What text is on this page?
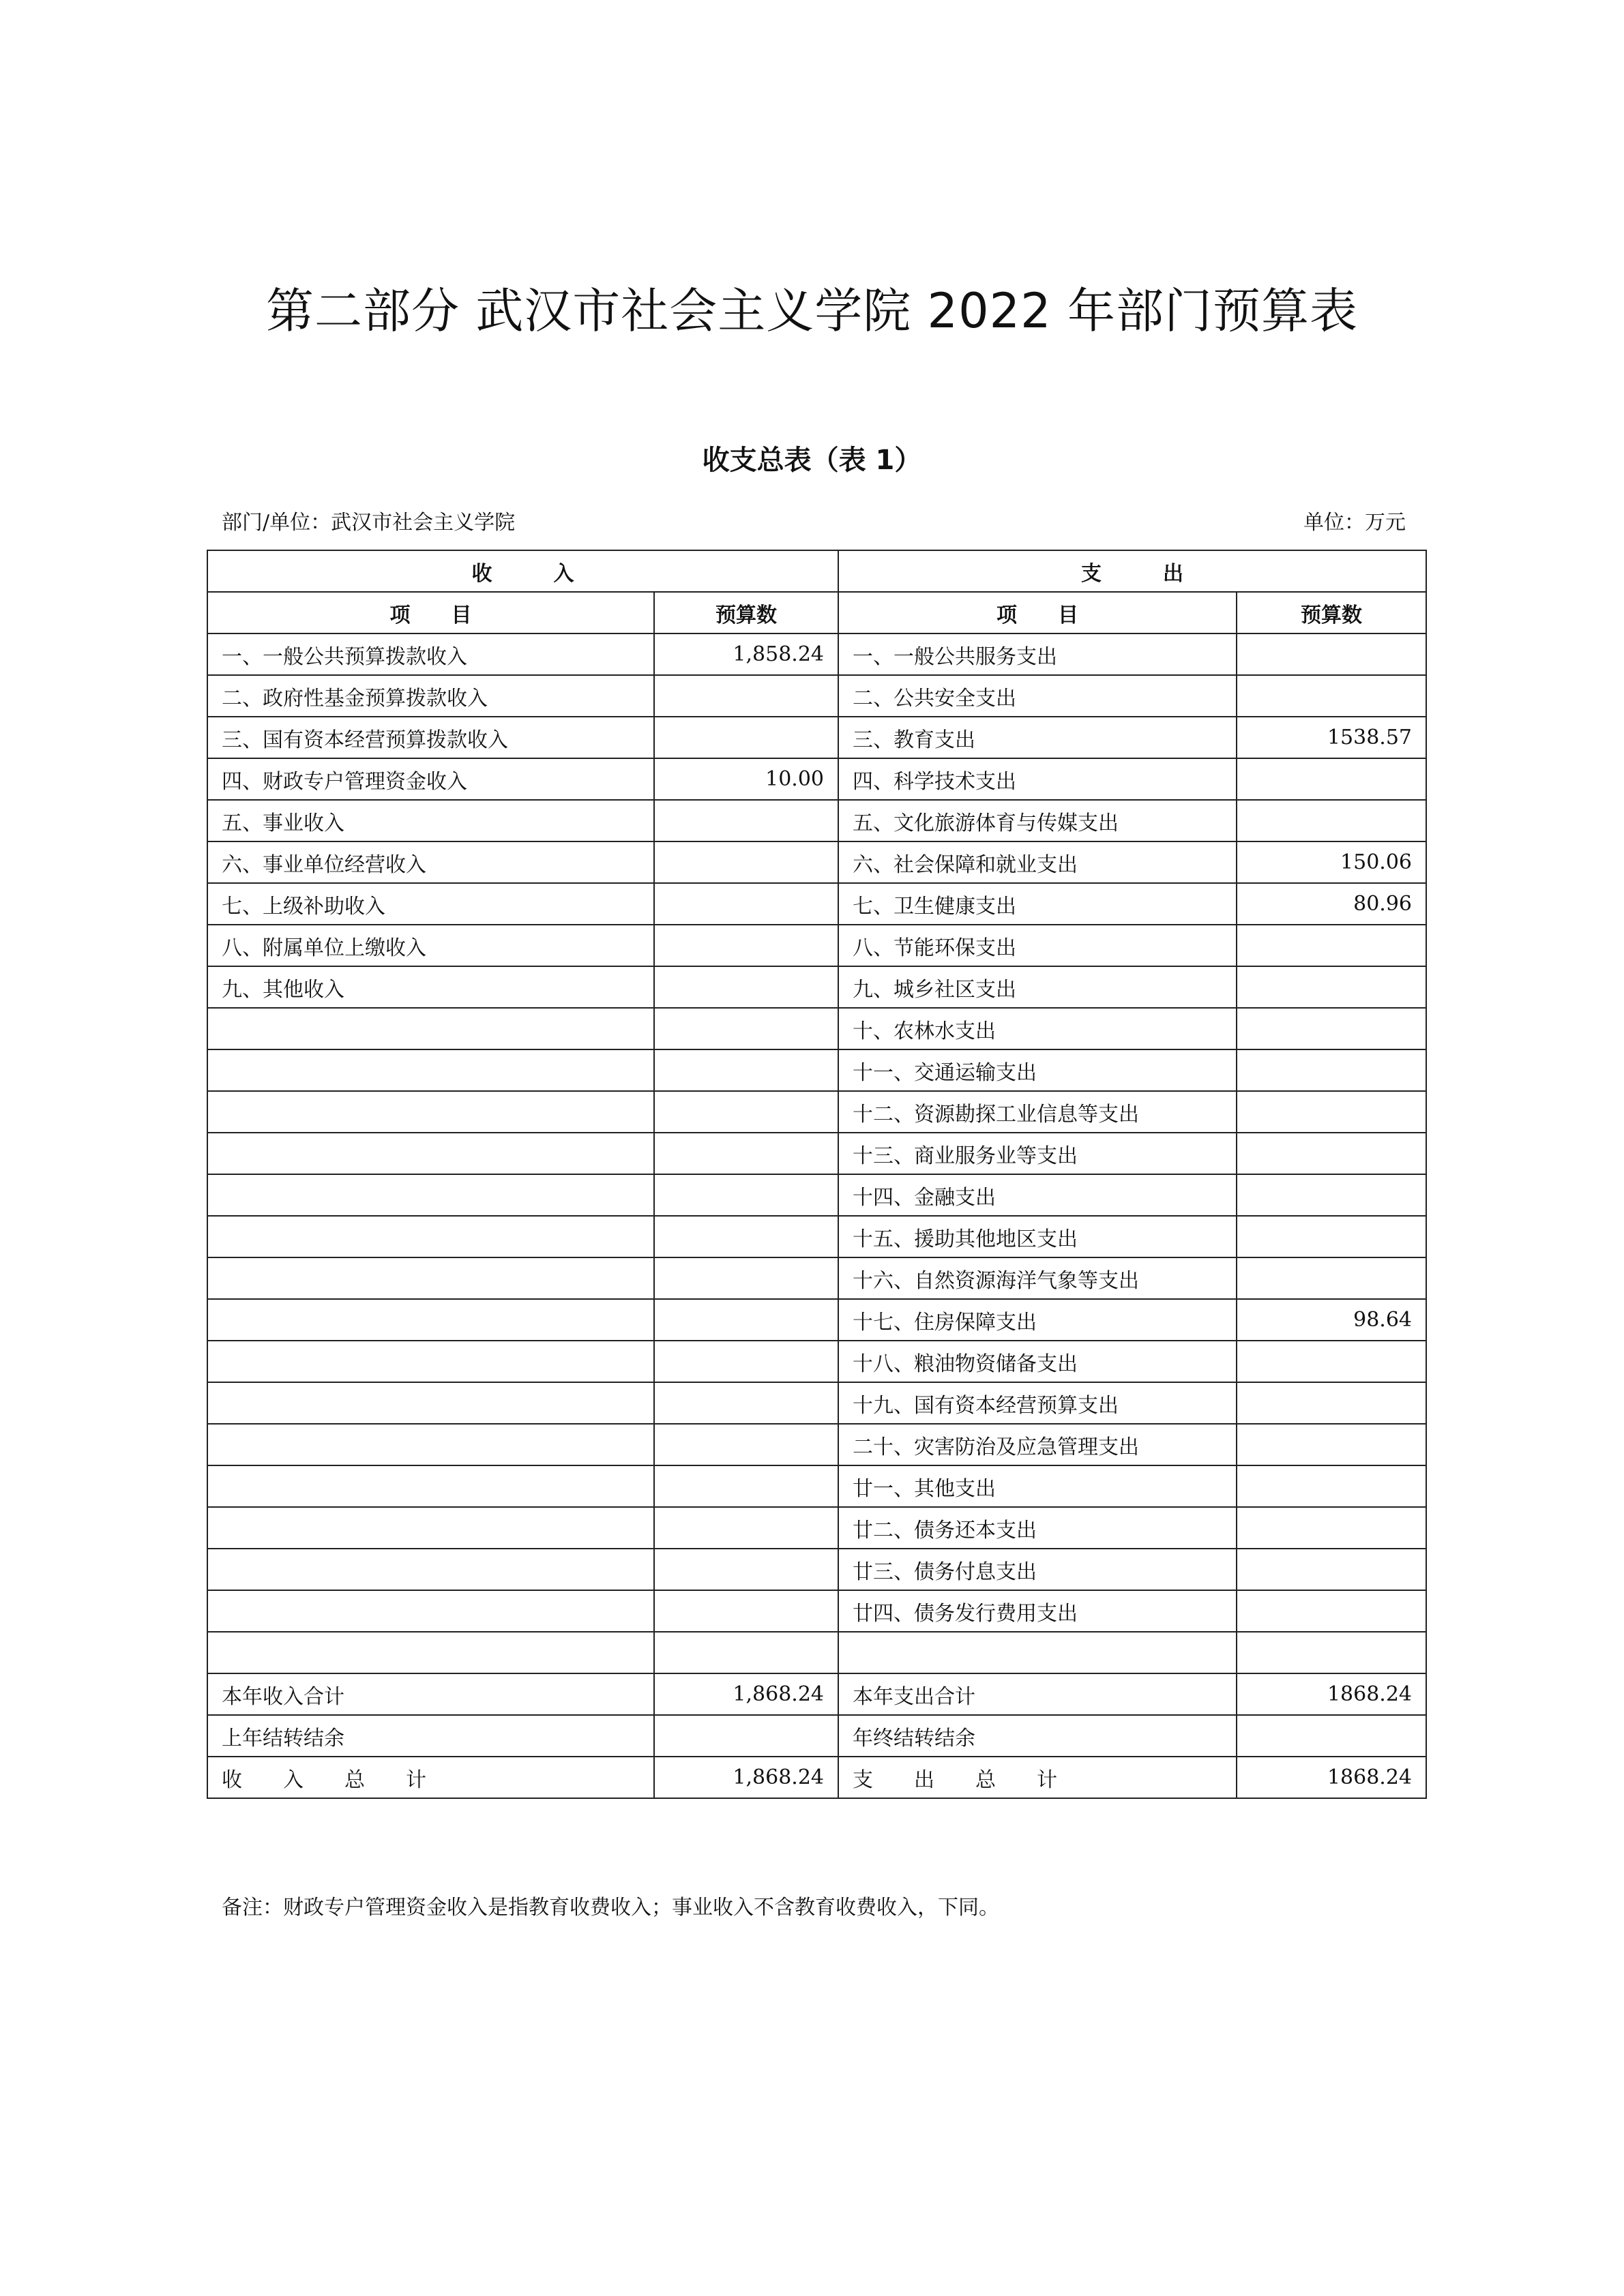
第二部分 武汉市社会主义学院 2022 年部门预算表
收支总表（表 1）
部门/单位：武汉市社会主义学院	单位：万元
收　　　入		支　　　出	
项　　目	预算数	项　　目	预算数
一、一般公共预算拨款收入	1,858.24	一、一般公共服务支出	
二、政府性基金预算拨款收入		二、公共安全支出	
三、国有资本经营预算拨款收入		三、教育支出	1538.57
四、财政专户管理资金收入	10.00	四、科学技术支出	
五、事业收入		五、文化旅游体育与传媒支出	
六、事业单位经营收入		六、社会保障和就业支出	150.06
七、上级补助收入		七、卫生健康支出	80.96
八、附属单位上缴收入		八、节能环保支出	
九、其他收入		九、城乡社区支出	
		十、农林水支出	
		十一、交通运输支出	
		十二、资源勘探工业信息等支出	
		十三、商业服务业等支出	
		十四、金融支出	
		十五、援助其他地区支出	
		十六、自然资源海洋气象等支出	
		十七、住房保障支出	98.64
		十八、粮油物资储备支出	
		十九、国有资本经营预算支出	
		二十、灾害防治及应急管理支出	
		廿一、其他支出	
		廿二、债务还本支出	
		廿三、债务付息支出	
		廿四、债务发行费用支出	

本年收入合计	1,868.24	本年支出合计	1868.24
上年结转结余		年终结转结余	
收　　入　　总　　计	1,868.24	支　　出　　总　　计	1868.24
备注：财政专户管理资金收入是指教育收费收入；事业收入不含教育收费收入，下同。
